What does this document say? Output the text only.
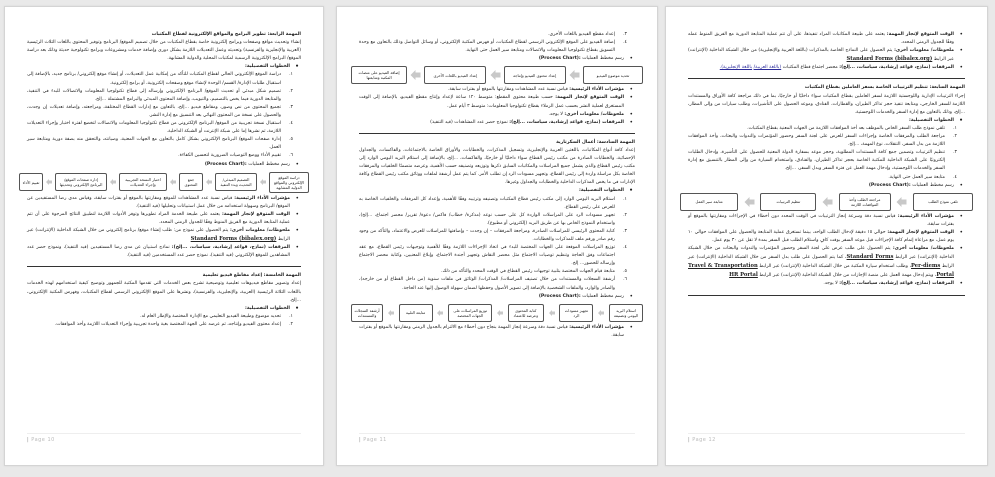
المهمة الرابعة: تطوير البرامج والمواقع الإلكترونية لقطاع المكتبات

إنشاء وتحديث مواقع وصفحات وبرامج إلكترونية خاصة بقطاع المكتبات من خلال تصميم الموقع/ البرنامج وتوفير المحتوى باللغات الثلاث الرئيسية (العربية والإنجليزية والفرنسية) وتحديثه وعمل التعديلات اللازمة بشكل دوري وإضافة خدمات ومشروعات وبرامج تكنولوجية حديثة وذلك بعد دراسة الموقع/ البرامج الإلكترونية الرسمية لمكتبات المحلية والدولية المشابهة.

• الخطوات التفصيلية:

١.
دراسة الموقع الإلكتروني الحالي لقطاع المكتبات للتأكد من إمكانية عمل التعديلات، أو إنشاء موقع إلكتروني/ برنامج جديد، بالإضافة إلى استقبال طلبات الإدارة/ القسم/ الوحدة لإنشاء موقع وصفحات إلكترونية، أو برامج إلكترونية.

٢.
تصميم شكل مبدئي أو تحديث الموقع/ البرنامج الإلكتروني وإرساله إلى قطاع تكنولوجيا المعلومات والاتصالات للبدء في التنفيذ، والمتابعة الدورية فيما يخص بالتصميم، والتبويب، وإضافة المحتوى المبدئي والبرامج المشتملة ...إلخ.

٣.
تجميع المحتوى من نص وصور، ومقاطع فيديو ...إلخ، بالتعاون مع إدارات القطاع المختلفة، ومراجعته، وإضافة تعديلات إن وجدت، والحصول على نسخة من المحتوى النهائي بعد التنسيق مع إدارة النشر.

٤.
استقبال نسخة تجريبية من الموقع/ البرنامج الإلكتروني من قطاع تكنولوجيا المعلومات والاتصالات لتخضع لفترة اختبار وإجراء التعديلات اللازمة، ثم نشرها إما على شبكة الإنترنت أو الشبكة الداخلية.

٥.
إدارة صفحات الموقع/ البرنامج الإلكتروني بشكل كامل بالتعاون مع الجهات المعنية، وصيانته، والتحقق منه بصفة دورية ومتابعة سير العمل.

٦.
تقييم الأداء ووضع التوصيات الضرورية لتحسين الكفاءة.

• رسم مخطط العمليات (Process Chart):

دراسة الموقع الإلكتروني والمواقع الدولية المشابهة
التصميم المبدئي/ التحديث وبدء التنفيذ
جمع المحتوى
اختبار النسخة التجريبية وإجراء التعديلات
إدارة صفحات الموقع/ البرنامج الإلكتروني وتحديثها
تقييم الأداء

• مؤشرات الأداء الرئيسية: قياس نسبة عدد المشاهدات للموقع ومقارنتها بالموقع أو بفترات سابقة، وقياس مدى رضا المستفيدين عن الموقع/ البرنامج وسهولة استخدامه من خلال عمل استبيانات وتحليلها (قيد التنفيذ).

• الوقت المتوقع لإنجاز المهمة: يعتمد على طبيعة الخدمة المراد تطويرها وتوفر الأدوات اللازمة لتطبيق النتائج المرجوة على أن تتم عملية المتابعة الدورية مع الفريق المنوط وفقًا للجدول الزمني المحدد.

• ملحوظات/ معلومات أخرى: يتم الحصول على نموذج من: طلب إنشاء موقع/ برنامج إلكتروني من خلال الشبكة الداخلية (الإنترانت) عبر الرابط Standard Forms (bibalex.org)

• المرفقات (نماذج، قواعد إرشادية، سياسات، ...إلخ): نماذج استبيان عن مدى رضا المستفيدين (قيد التنفيذ)، ونموذج حصر عدد المشاهدين للموقع الإلكتروني (قيد التنفيذ)، نموذج حصر عدد المستخدمين (قيد التنفيذ).

المهمة الخامسة: إعداد مقاطع فيديو تعليمية

إعداد وتصوير مقاطع فيديوهات تعليمية وتوضيحية تشرح بعض الخدمات التي تقدمها المكتبة للجمهور وتوضيح كيفية استخدامهم لهذه الخدمات باللغات الثلاثة الرئيسية (العربية، والإنجليزية، والفرنسية)، ونشرها على الموقع الإلكتروني الرسمي لقطاع المكتبات، وفهرس المكتبة الإلكتروني، ...إلخ.

• الخطوات التفصيلية:

١.
تحديد موضوع وطبيعة الفيديو التعليمي مع الإدارة المختصة والإطار العام له.

٢.
إعداد محتوى الفيديو وإنتاجه، ثم عرضه على الجهة المختصة بغية واحدة تجريبية وإجراء التعديلات اللازمة وأخذ الموافقات.

| Page 10

٣.
إعداد مقطع الفيديو باللغات الأخرى.

٤.
إضافة الفيديو على الموقع الإلكتروني الرسمي لقطاع المكتبات، أو فهرس المكتبة الإلكتروني، أو وسائل التواصل وذلك بالتعاون مع وحدة التسويق بقطاع تكنولوجيا المعلومات والاتصالات ومتابعة سير العمل حتى النهاية.

• رسم مخطط العمليات (Process Chart):

تحديد موضوع الفيديو
إعداد محتوى الفيديو وإنتاجه
إعداد الفيديو باللغات الأخرى
إضافة الفيديو على منصات المكتبة ومتابعتها

• مؤشرات الأداء الرئيسية: قياس نسبة عدد المشاهدات ومقارنتها بالموقع أو بفترات سابقة.

• الوقت المتوقع لإنجاز المهمة: حسب طبيعة محتوى المقطع: متوسط ١٢٠ ساعة لإعداد وإنتاج مقطع الفيديو، بالإضافة إلى الوقت المستغرق لعملية النشر بحسب عمل الزملاء بقطاع تكنولوجيا المعلومات: متوسط ٣ أيام عمل.

• ملحوظات/ معلومات أخرى: لا يوجد.

• المرفقات (نماذج، قواعد إرشادية، سياسات، ...إلخ): نموذج حصر عدد المشاهدات (قيد التنفيذ)

المهمة السادسة: أعمال السكرتارية

إعداد كافة أنواع المكاتبات، باللغتين العربية والإنجليزية، وتسجيل المذكرات، والخطابات، والأوراق الخاصة بالاجتماعات، والفاكسات، والجداول الإحصائية، والخطابات الصادرة من مكتب رئيس القطاع سواء داخليًا أو خارجيًا، والفاكسات، ...إلخ، بالإضافة إلى استلام البريد اليومي الوارد إلى مكتب رئيس القطاع والذي يشمل جميع المراسلات والمكاتبات السابق ذكرها وتوزيعه وتصنيفه حسب الأهمية، وعرضه متضمنًا الخلفيات والمرفقات الخاصة بكل مراسلة واردة إلى رئيس القطاع، وتجهيز مسودات الرد إن تطلب الأمر. كما يتم عمل أرشفة لملفات ووثائق مكتب رئيس القطاع وكافة الإدارات في ما يخص المذكرات الداخلية والخطابات والجداول وغيرها.

• الخطوات التفصيلية:

١.
استلام البريد اليومي الوارد إلى مكتب رئيس قطاع المكتبات وتصنيفه وترتيبه وفقًا للأهمية، وإعداد كل المرفقات والخلفيات الخاصة به للعرض على رئيس القطاع.

٢.
تجهيز مسودات الرد على المراسلات الواردة كل على حسب نوعه (مذكرة/ خطاب/ فاكس/ دعوة/ تقرير/ محضر اجتماع، ...إلخ)، واستخدام النموذج الخاص بها عن طريق البريد (إلكتروني أو مطبوع).

٣.
كتابة المحتوى الرئيسي للمراسلات الصادرة، ومراجعة المرفقات – إن وجدت – وإضافتها للمراسلات للعرض والاعتماد، والتأكد من وجود رقم صادر ورقم ملف للمذكرات والخطابات.

٤.
توزيع المراسلات الموقعة على الجهات المختصة للبدء في اتخاذ الإجراءات اللازمة وفقًا للأهمية وتوجيهات رئيس القطاع، مع عقد اجتماعات وفق الحاجة وتنظيم توصيات الاجتماع مثل محضر النقاش وتجهيز أجندة الاجتماع، وإبلاغ المعنيين، وكتابة محضر الاجتماع وإرساله للحضور... إلخ.

٥.
متابعة قيام الجهات المختصة بتلبية توجيهات رئيس القطاع في الوقت المحدد والتأكد من ذلك.

٦.
أرشفة السجلات والمستندات من خلال تصنيف المراسلات/ المذكرات/ الوثائق في ملفات سنوية (من داخل القطاع أو من خارجه)، والصادر والوارد، والملفات الشخصية بالإضافة إلى تصوير الأصول وحفظها لضمان سهولة الوصول إليها عند الحاجة.

• رسم مخطط العمليات (Process Chart):

استلام البريد اليومي وتصنيفه
تجهيز مسودات الرد
كتابة المحتوى وعرضه للاعتماد
توزيع المراسلات على الجهات المختصة
متابعة التلبية
أرشفة السجلات والمستندات

• مؤشرات الأداء الرئيسية: قياس نسبة دقة وسرعة إنجاز المهمة بنجاح دون أخطاء مع الالتزام بالجدول الزمني ومقارنتها بالموقع أو بفترات سابقة.

| Page 11

• الوقت المتوقع لإنجاز المهمة: يعتمد على طبيعة المكاتبات المراد تنفيذها، على أن تتم عملية المتابعة الدورية مع الفريق المنوط عمله وفقًا للجدول الزمني المحدد.

• ملحوظات/ معلومات أخرى: يتم الحصول على النماذج الخاصة بالمذكرات (باللغة العربية والإنجليزية) من خلال الشبكة الداخلية (الإنترانت) عبر الرابط Standard Forms (bibalex.org)

• المرفقات (نماذج، قواعد إرشادية، سياسات، ...إلخ): محضر اجتماع قطاع المكتبات (باللغة العربية/ باللغة الإنجليزية).

المهمة السابعة: تنظيم الترتيبات الخاصة بسفر العاملين بقطاع المكتبات

إجراء الترتيبات الإدارية واللوجستية اللازمة لسفر العاملين بقطاع المكتبات سواء داخليًا أو خارجيًا، بما في ذلك مراجعة كافة الأوراق والمستندات اللازمة للسفر الخارجي، ومتابعة تنفيذ حجز تذاكر الطيران، والقطارات، الفنادق، وموعد الحصول على التأشيرات، وطلب سيارات من وإلى المطار، ...إلخ، وذلك بالتعاون مع إدارة السفر والخدمات اللوجستية.

• الخطوات التفصيلية:

١.
تلقي نموذج طلب السفر الخاص بالموظف بعد أخذ الموافقات اللازمة من الجهات المعنية بقطاع المكتبات.

٢.
مراجعة الطلب والمرفقات الخاصة وإجراءات السفر للعرض على لجنة السفر وحضور المؤتمرات والندوات والبعثات، وأخذ الموافقات اللازمة من بدل السفر، التنقلات، نوع المهمة، ...إلخ.

٣.
تنظيم الترتيبات وتضمين جمع كافة المستندات المطلوبة، وحجز موعد بسفارة الدولة المعنية للحصول على التأشيرة، وإدخال الطلبات إلكترونيًا على الشبكة الداخلية للمكتبة الخاصة بحجز تذاكر الطيران، والفنادق، واستخدام السيارة من وإلى المطار بالتنسيق مع إدارة السفر والخدمات اللوجستية، وإدخال مهمة العمل عن فترة السفر وبدل السفر، ...إلخ.

٤.
متابعة سير العمل حتى النهاية.

• رسم مخطط العمليات (Process Chart):

تلقي نموذج الطلب
مراجعة الطلب وأخذ الموافقات اللازمة
تنظيم الترتيبات
متابعة سير العمل

• مؤشرات الأداء الرئيسية: قياس نسبة دقة وسرعة إنجاز الترتيبات في الوقت المحدد دون أخطاء في الإجراءات ومقارنتها بالموقع أو بفترات سابقة.

• الوقت المتوقع لإنجاز المهمة: حوالي ١٥ دقيقة لإدخال الطلب الواحد، بينما تستغرق عملية المتابعة والحصول على الموافقات حوالي ١٠ يوم عمل، مع مراعاة إتمام كافة الإجراءات قبل موعد السفر بوقت كافٍ واستلام الطلب قبل السفر بمدة لا تقل عن ٣٠ يوم عمل.

• ملحوظات/ معلومات أخرى: يتم الحصول على طلب عرض على لجنة السفر وحضور المؤتمرات والندوات والبعثات من خلال الشبكة الداخلية (الإنترانت) عبر الرابط Standard Forms، كما يتم الحصول على طلب بدل السفر من خلال الشبكة الداخلية (الإنترانت) عبر الرابط Per-diems، وطلب استخدام سيارة المكتبة من خلال الشبكة الداخلية (الإنترانت) عبر الرابط Travel & Transportation Portal، ويتم إدخال مهمة العمل على منصة الإجازات من خلال الشبكة الداخلية (الإنترانت) عبر الرابط HR Portal

• المرفقات (نماذج، قواعد إرشادية، سياسات، ...إلخ): لا يوجد.

| Page 12
